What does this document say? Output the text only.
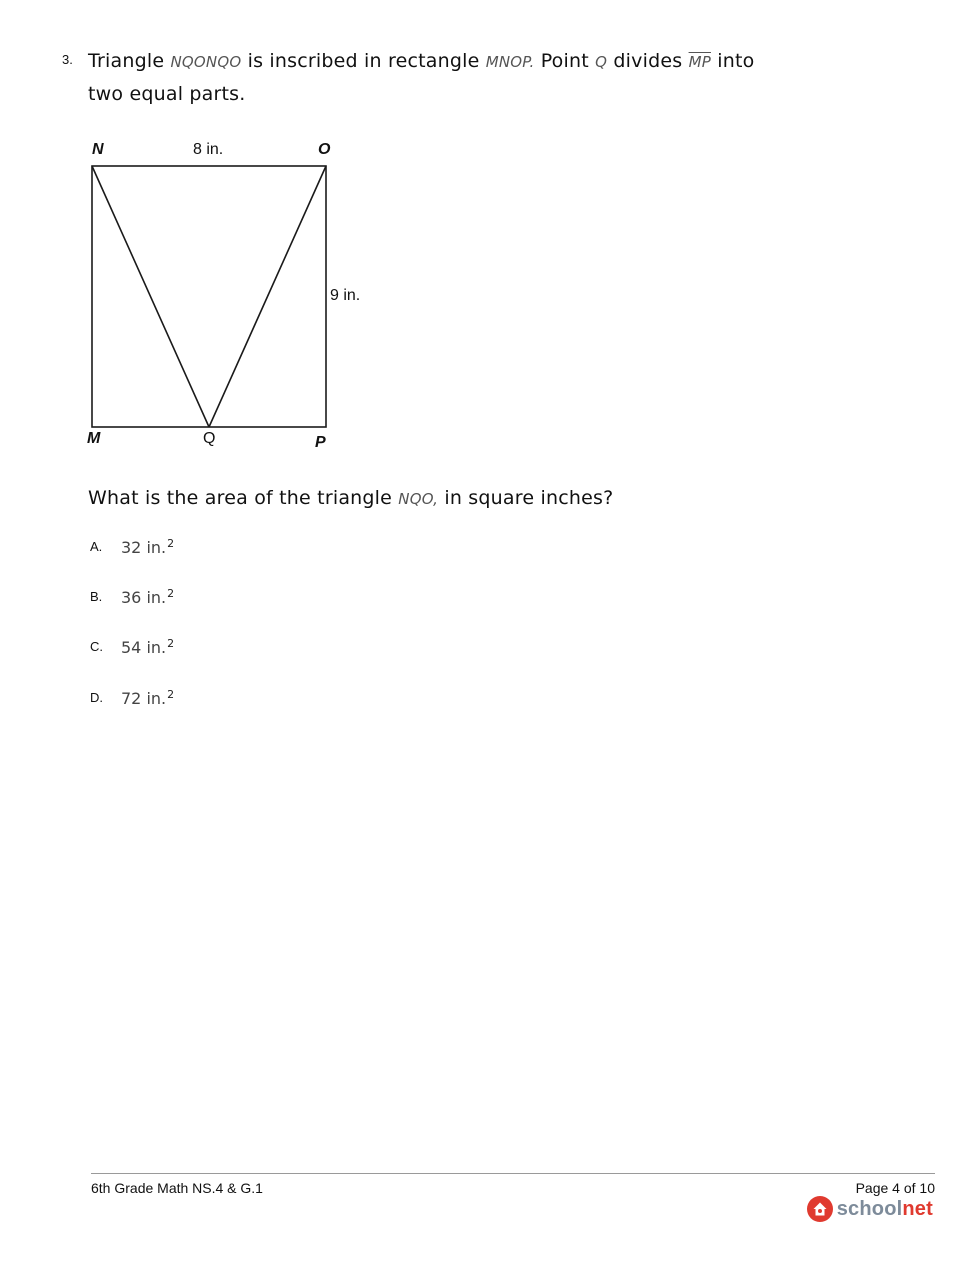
3. Triangle NQONQO is inscribed in rectangle MNOP. Point Q divides $\overline{MP}$ into
two equal parts.
N	O
M	Q	P
8 in.
9 in.
What is the area of the triangle NQO, in square inches?
A. 32 in.$^2$
B. 36 in.$^2$
C. 54 in.$^2$
D. 72 in.$^2$
6th Grade Math NS.4 & G.1	Page 4 of 10
school net
